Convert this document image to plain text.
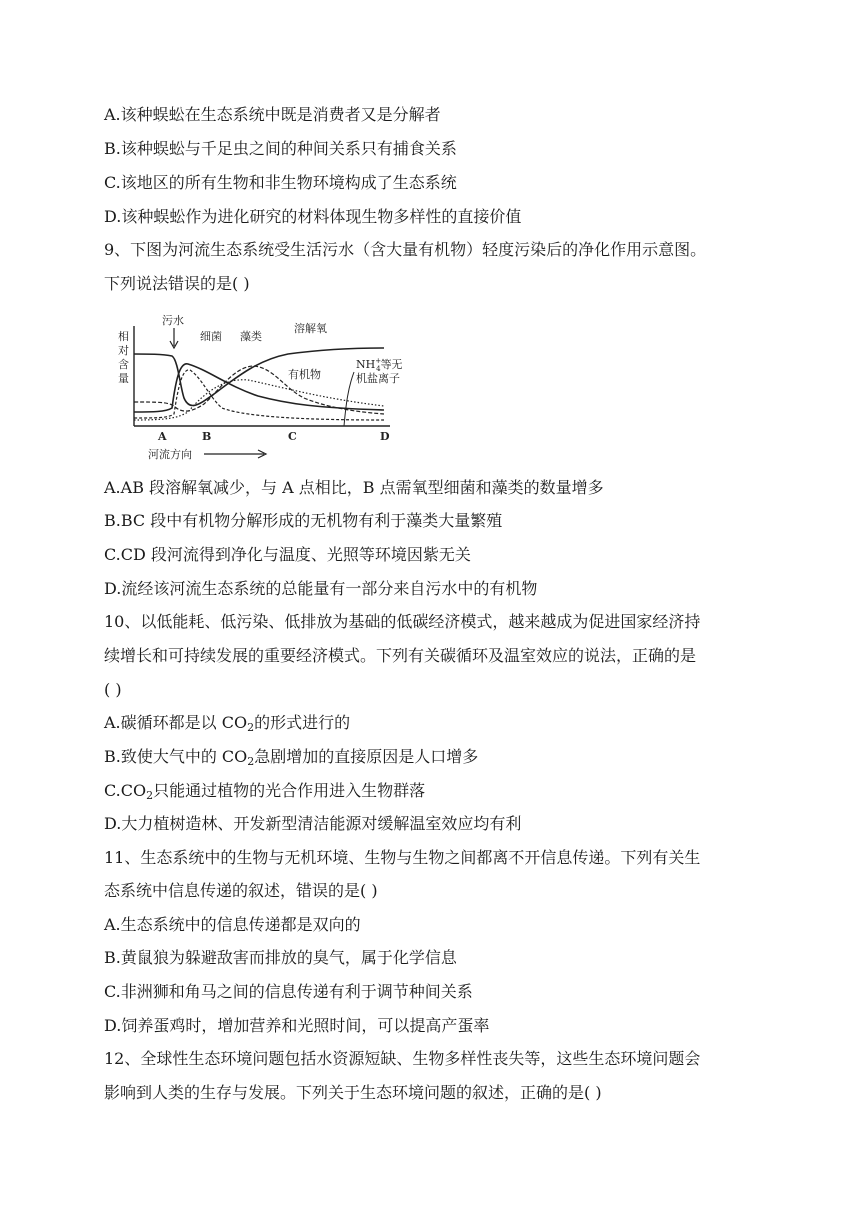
A.该种蜈蚣在生态系统中既是消费者又是分解者
B.该种蜈蚣与千足虫之间的种间关系只有捕食关系
C.该地区的所有生物和非生物环境构成了生态系统
D.该种蜈蚣作为进化研究的材料体现生物多样性的直接价值
9、下图为河流生态系统受生活污水（含大量有机物）轻度污染后的净化作用示意图。
下列说法错误的是( )
相
对
含
量
污水
细菌 藻类
溶解氧
有机物
NH+ 4等无
机盐离子
A	B	C	D
河流方向
A.AB 段溶解氧减少，与 A 点相比，B 点需氧型细菌和藻类的数量增多
B.BC 段中有机物分解形成的无机物有利于藻类大量繁殖
C.CD 段河流得到净化与温度、光照等环境因紫无关
D.流经该河流生态系统的总能量有一部分来自污水中的有机物
10、以低能耗、低污染、低排放为基础的低碳经济模式，越来越成为促进国家经济持
续增长和可持续发展的重要经济模式。下列有关碳循环及温室效应的说法，正确的是
( )
A.碳循环都是以 $CO_2$的形式进行的
B.致使大气中的 $CO_2$急剧增加的直接原因是人口增多
$C.CO_2$只能通过植物的光合作用进入生物群落
D.大力植树造林、开发新型清洁能源对缓解温室效应均有利
11、生态系统中的生物与无机环境、生物与生物之间都离不开信息传递。下列有关生
态系统中信息传递的叙述，错误的是( )
A.生态系统中的信息传递都是双向的
B.黄鼠狼为躲避敌害而排放的臭气，属于化学信息
C.非洲狮和角马之间的信息传递有利于调节种间关系
D.饲养蛋鸡时，增加营养和光照时间，可以提高产蛋率
12、全球性生态环境问题包括水资源短缺、生物多样性丧失等，这些生态环境问题会
影响到人类的生存与发展。下列关于生态环境问题的叙述，正确的是( )
